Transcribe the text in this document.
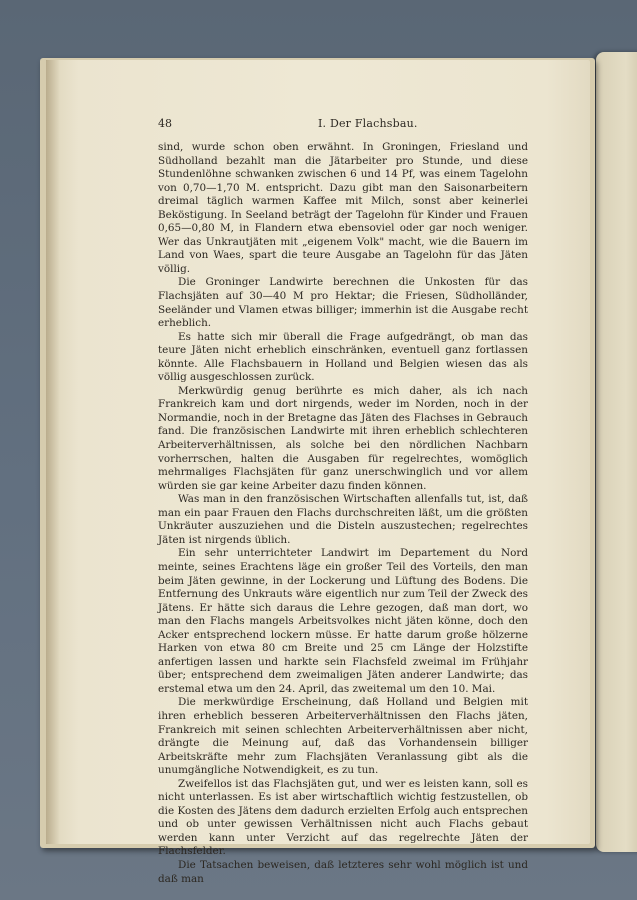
48	I. Der Flachsbau.

sind, wurde schon oben erwähnt. In Groningen, Friesland und Südholland bezahlt man die Jätarbeiter pro Stunde, und diese Stundenlöhne schwanken zwischen 6 und 14 Pf, was einem Tagelohn von 0,70—1,70 M. entspricht. Dazu gibt man den Saisonarbeitern dreimal täglich warmen Kaffee mit Milch, sonst aber keinerlei Beköstigung. In Seeland beträgt der Tagelohn für Kinder und Frauen 0,65—0,80 M, in Flandern etwa ebensoviel oder gar noch weniger. Wer das Unkrautjäten mit „eigenem Volk" macht, wie die Bauern im Land von Waes, spart die teure Ausgabe an Tagelohn für das Jäten völlig.

Die Groninger Landwirte berechnen die Unkosten für das Flachsjäten auf 30—40 M pro Hektar; die Friesen, Südholländer, Seeländer und Vlamen etwas billiger; immerhin ist die Ausgabe recht erheblich.

Es hatte sich mir überall die Frage aufgedrängt, ob man das teure Jäten nicht erheblich einschränken, eventuell ganz fortlassen könnte. Alle Flachsbauern in Holland und Belgien wiesen das als völlig ausgeschlossen zurück.

Merkwürdig genug berührte es mich daher, als ich nach Frankreich kam und dort nirgends, weder im Norden, noch in der Normandie, noch in der Bretagne das Jäten des Flachses in Gebrauch fand. Die französischen Landwirte mit ihren erheblich schlechteren Arbeiterverhältnissen, als solche bei den nördlichen Nachbarn vorherrschen, halten die Ausgaben für regelrechtes, womöglich mehrmaliges Flachsjäten für ganz unerschwinglich und vor allem würden sie gar keine Arbeiter dazu finden können.

Was man in den französischen Wirtschaften allenfalls tut, ist, daß man ein paar Frauen den Flachs durchschreiten läßt, um die größten Unkräuter auszuziehen und die Disteln auszustechen; regelrechtes Jäten ist nirgends üblich.

Ein sehr unterrichteter Landwirt im Departement du Nord meinte, seines Erachtens läge ein großer Teil des Vorteils, den man beim Jäten gewinne, in der Lockerung und Lüftung des Bodens. Die Entfernung des Unkrauts wäre eigentlich nur zum Teil der Zweck des Jätens. Er hätte sich daraus die Lehre gezogen, daß man dort, wo man den Flachs mangels Arbeitsvolkes nicht jäten könne, doch den Acker entsprechend lockern müsse. Er hatte darum große hölzerne Harken von etwa 80 cm Breite und 25 cm Länge der Holzstifte anfertigen lassen und harkte sein Flachsfeld zweimal im Frühjahr über; entsprechend dem zweimaligen Jäten anderer Landwirte; das erstemal etwa um den 24. April, das zweitemal um den 10. Mai.

Die merkwürdige Erscheinung, daß Holland und Belgien mit ihren erheblich besseren Arbeiterverhältnissen den Flachs jäten, Frankreich mit seinen schlechten Arbeiterverhältnissen aber nicht, drängte die Meinung auf, daß das Vorhandensein billiger Arbeitskräfte mehr zum Flachsjäten Veranlassung gibt als die unumgängliche Notwendigkeit, es zu tun.

Zweifellos ist das Flachsjäten gut, und wer es leisten kann, soll es nicht unterlassen. Es ist aber wirtschaftlich wichtig festzustellen, ob die Kosten des Jätens dem dadurch erzielten Erfolg auch entsprechen und ob unter gewissen Verhältnissen nicht auch Flachs gebaut werden kann unter Verzicht auf das regelrechte Jäten der Flachsfelder.

Die Tatsachen beweisen, daß letzteres sehr wohl möglich ist und daß man
